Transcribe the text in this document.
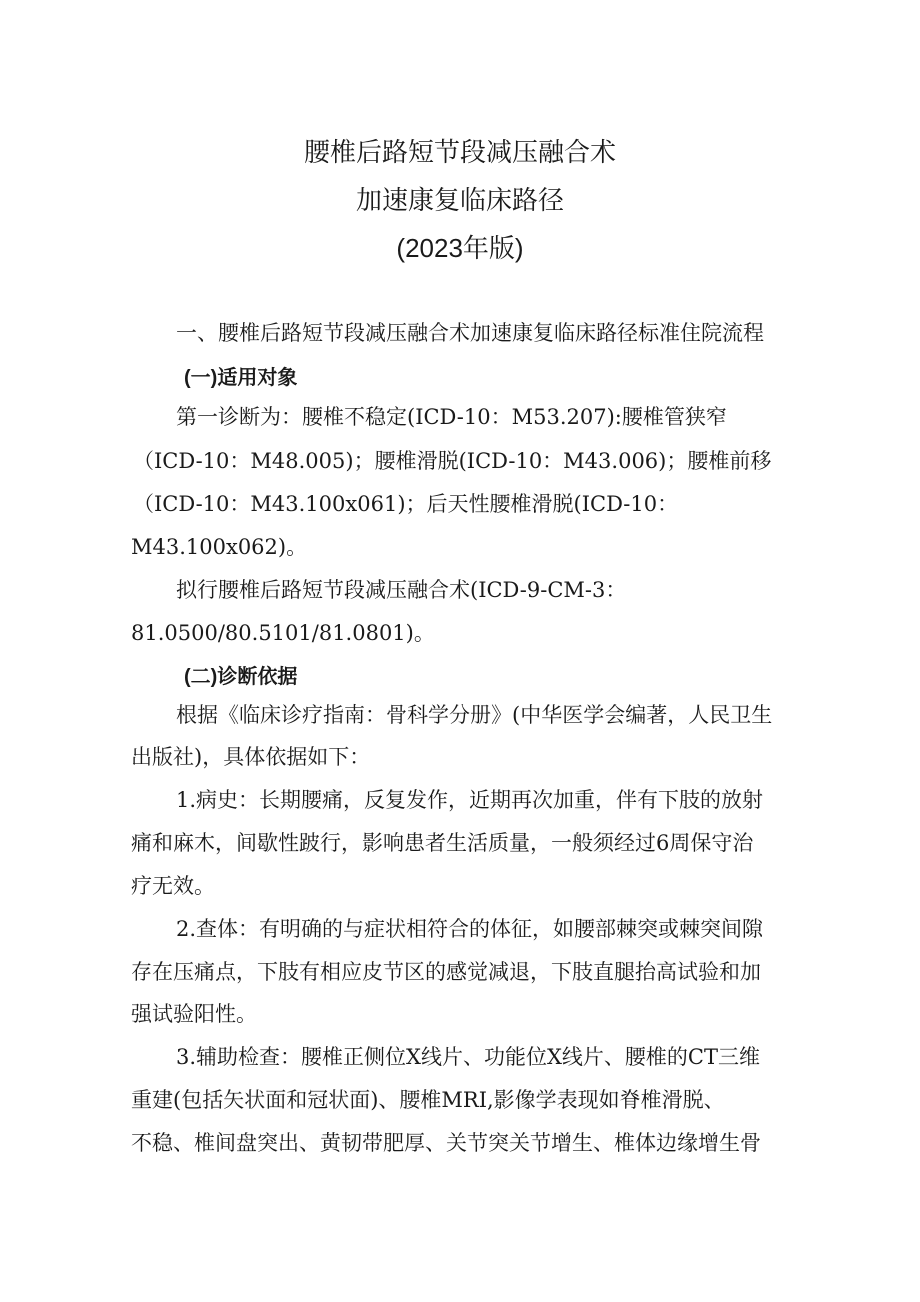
腰椎后路短节段减压融合术
加速康复临床路径
(2023年版)
一、腰椎后路短节段减压融合术加速康复临床路径标准住院流程
(一)适用对象
第一诊断为：腰椎不稳定(ICD-10：M53.207):腰椎管狭窄
（ICD-10：M48.005)；腰椎滑脱(ICD-10：M43.006)；腰椎前移
（ICD-10：M43.100x061)；后天性腰椎滑脱(ICD-10：
M43.100x062)。
拟行腰椎后路短节段减压融合术(ICD-9-CM-3：
81.0500/80.5101/81.0801)。
(二)诊断依据
根据《临床诊疗指南：骨科学分册》(中华医学会编著，人民卫生
出版社)，具体依据如下：
1.病史：长期腰痛，反复发作，近期再次加重，伴有下肢的放射
痛和麻木，间歇性跛行，影响患者生活质量，一般须经过6周保守治
疗无效。
2.查体：有明确的与症状相符合的体征，如腰部棘突或棘突间隙
存在压痛点，下肢有相应皮节区的感觉减退，下肢直腿抬高试验和加
强试验阳性。
3.辅助检查：腰椎正侧位X线片、功能位X线片、腰椎的CT三维
重建(包括矢状面和冠状面)、腰椎MRI,影像学表现如脊椎滑脱、
不稳、椎间盘突出、黄韧带肥厚、关节突关节增生、椎体边缘增生骨
